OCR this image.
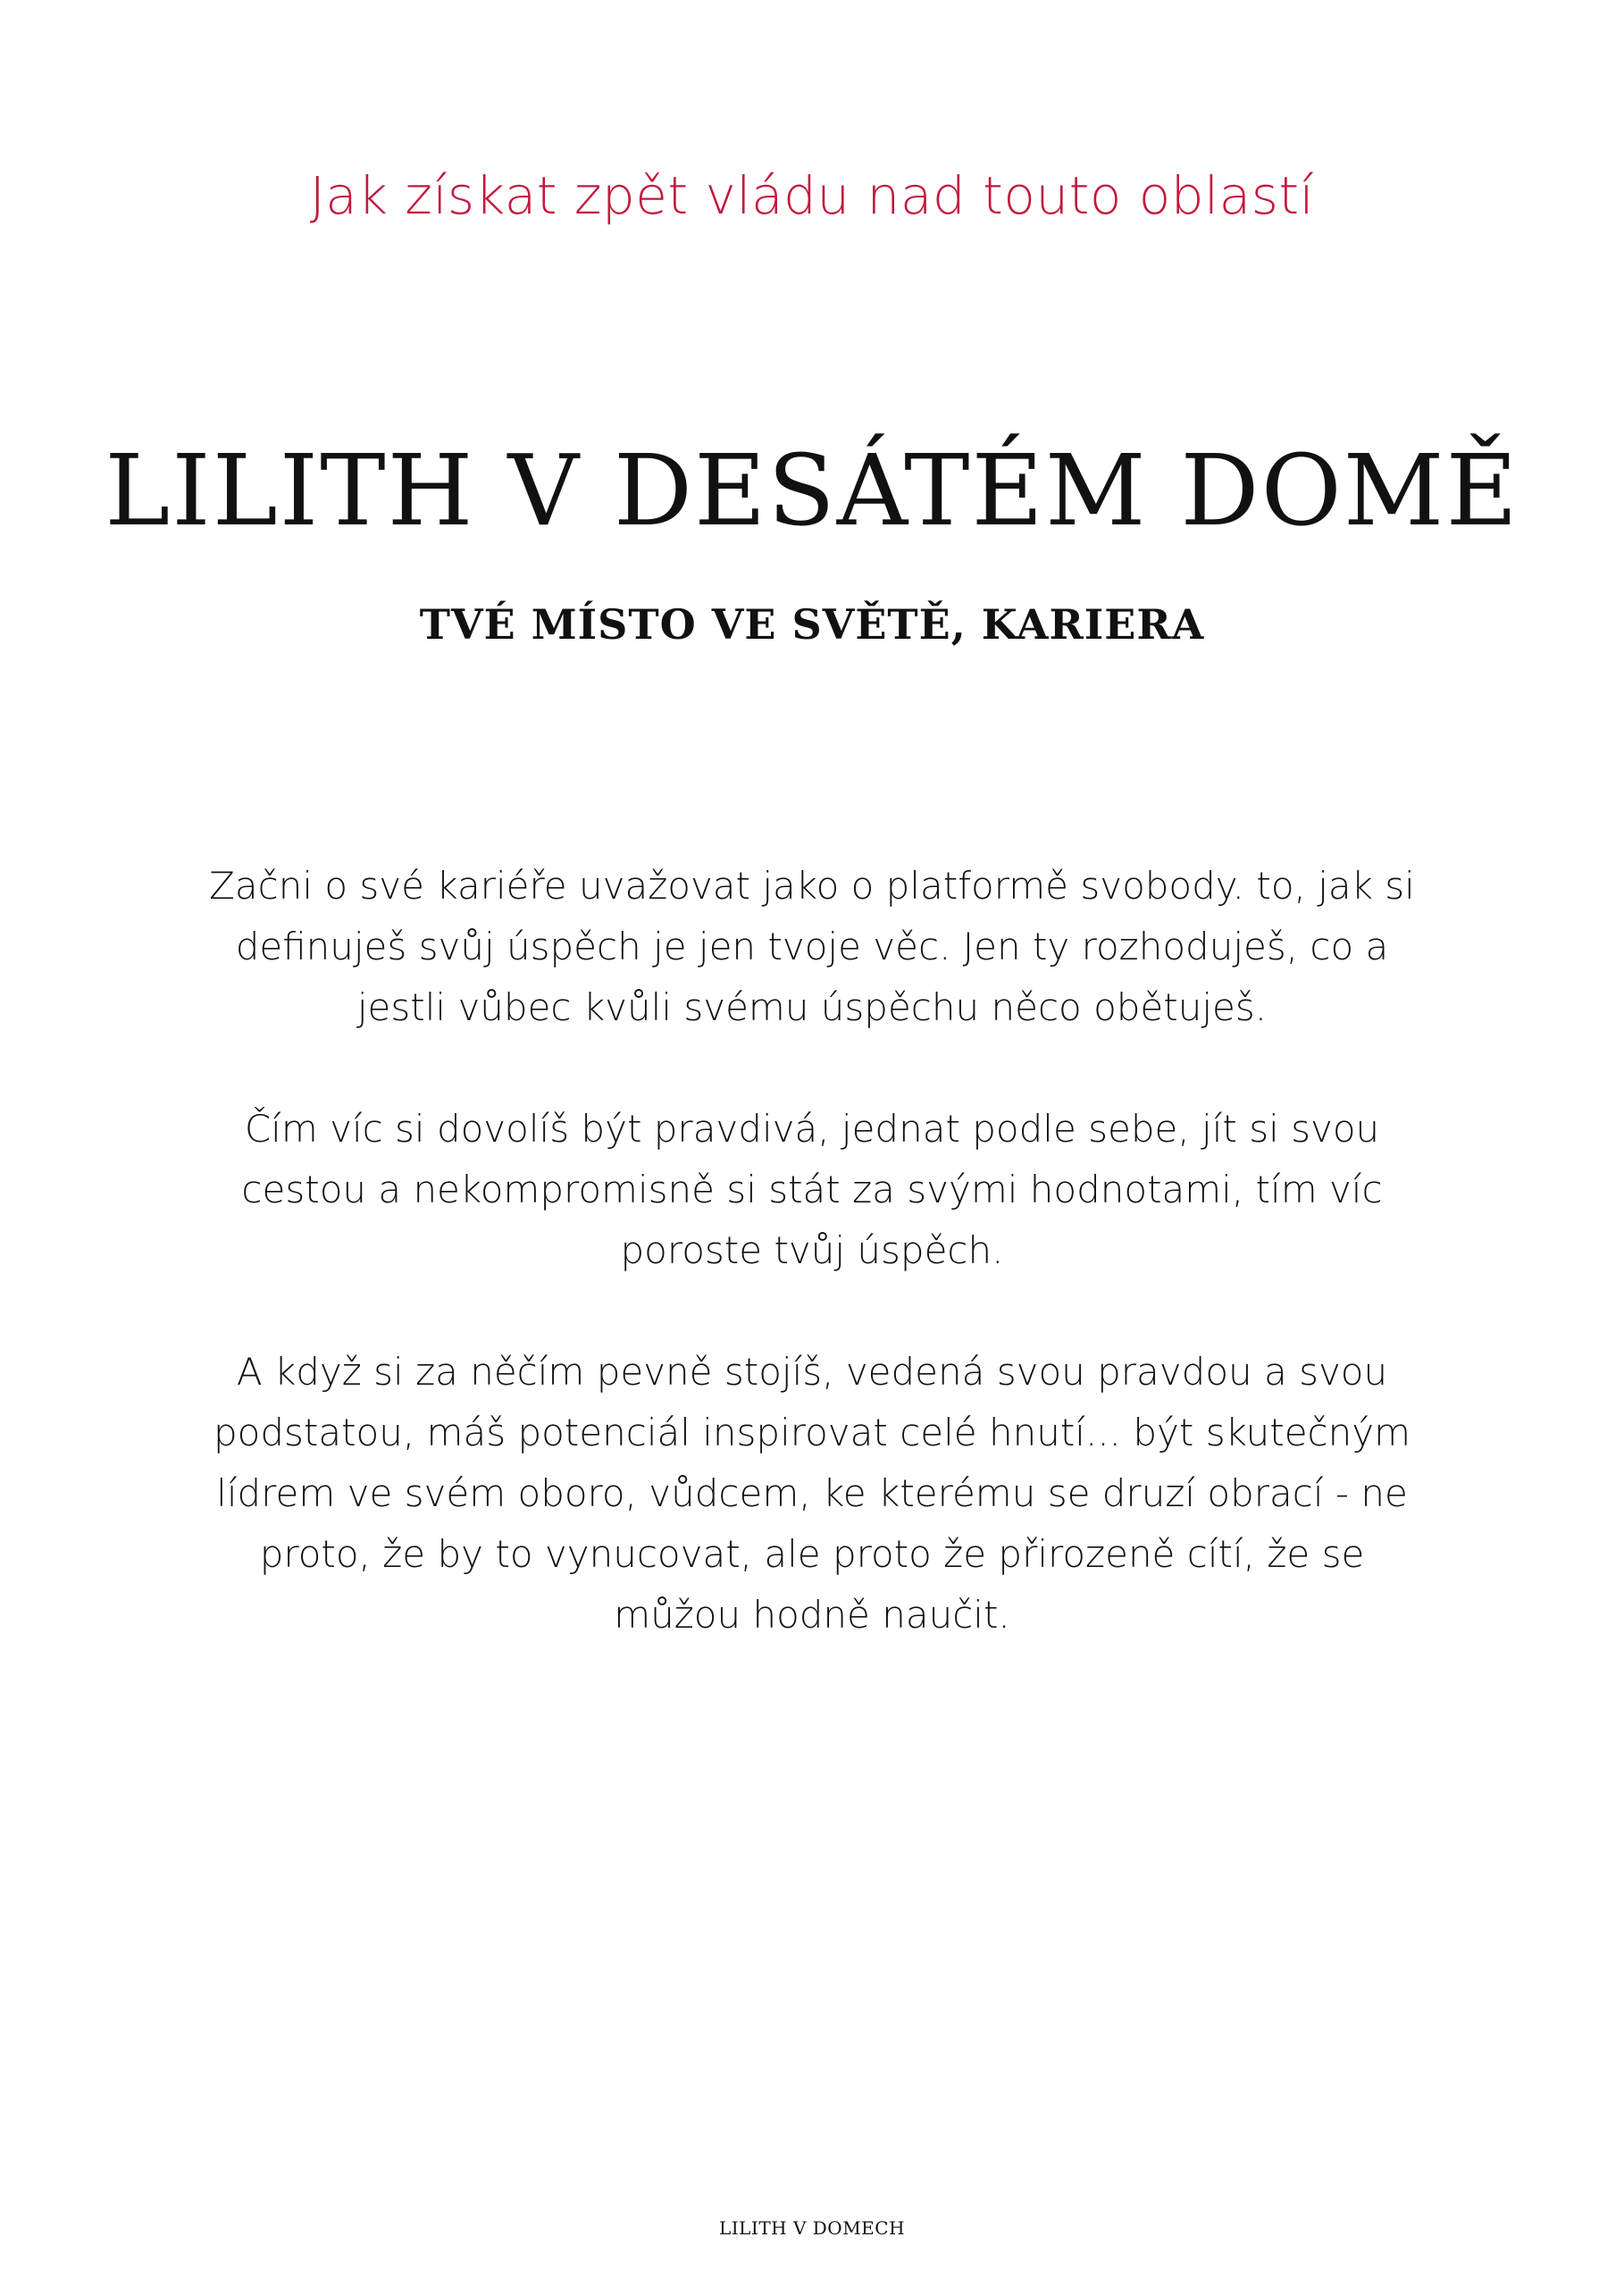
Jak získat zpět vládu nad touto oblastí

LILITH V DESÁTÉM DOMĚ
TVÉ MÍSTO VE SVĚTĚ, KARIERA

Začni o své kariéře uvažovat jako o platformě svobody. to, jak si
definuješ svůj úspěch je jen tvoje věc. Jen ty rozhoduješ, co a
jestli vůbec kvůli svému úspěchu něco obětuješ.

Čím víc si dovolíš být pravdivá, jednat podle sebe, jít si svou
cestou a nekompromisně si stát za svými hodnotami, tím víc
poroste tvůj úspěch.

A když si za něčím pevně stojíš, vedená svou pravdou a svou
podstatou, máš potenciál inspirovat celé hnutí... být skutečným
lídrem ve svém oboro, vůdcem, ke kterému se druzí obrací - ne
proto, že by to vynucovat, ale proto že přirozeně cítí, že se
můžou hodně naučit.

LILITH V DOMECH
